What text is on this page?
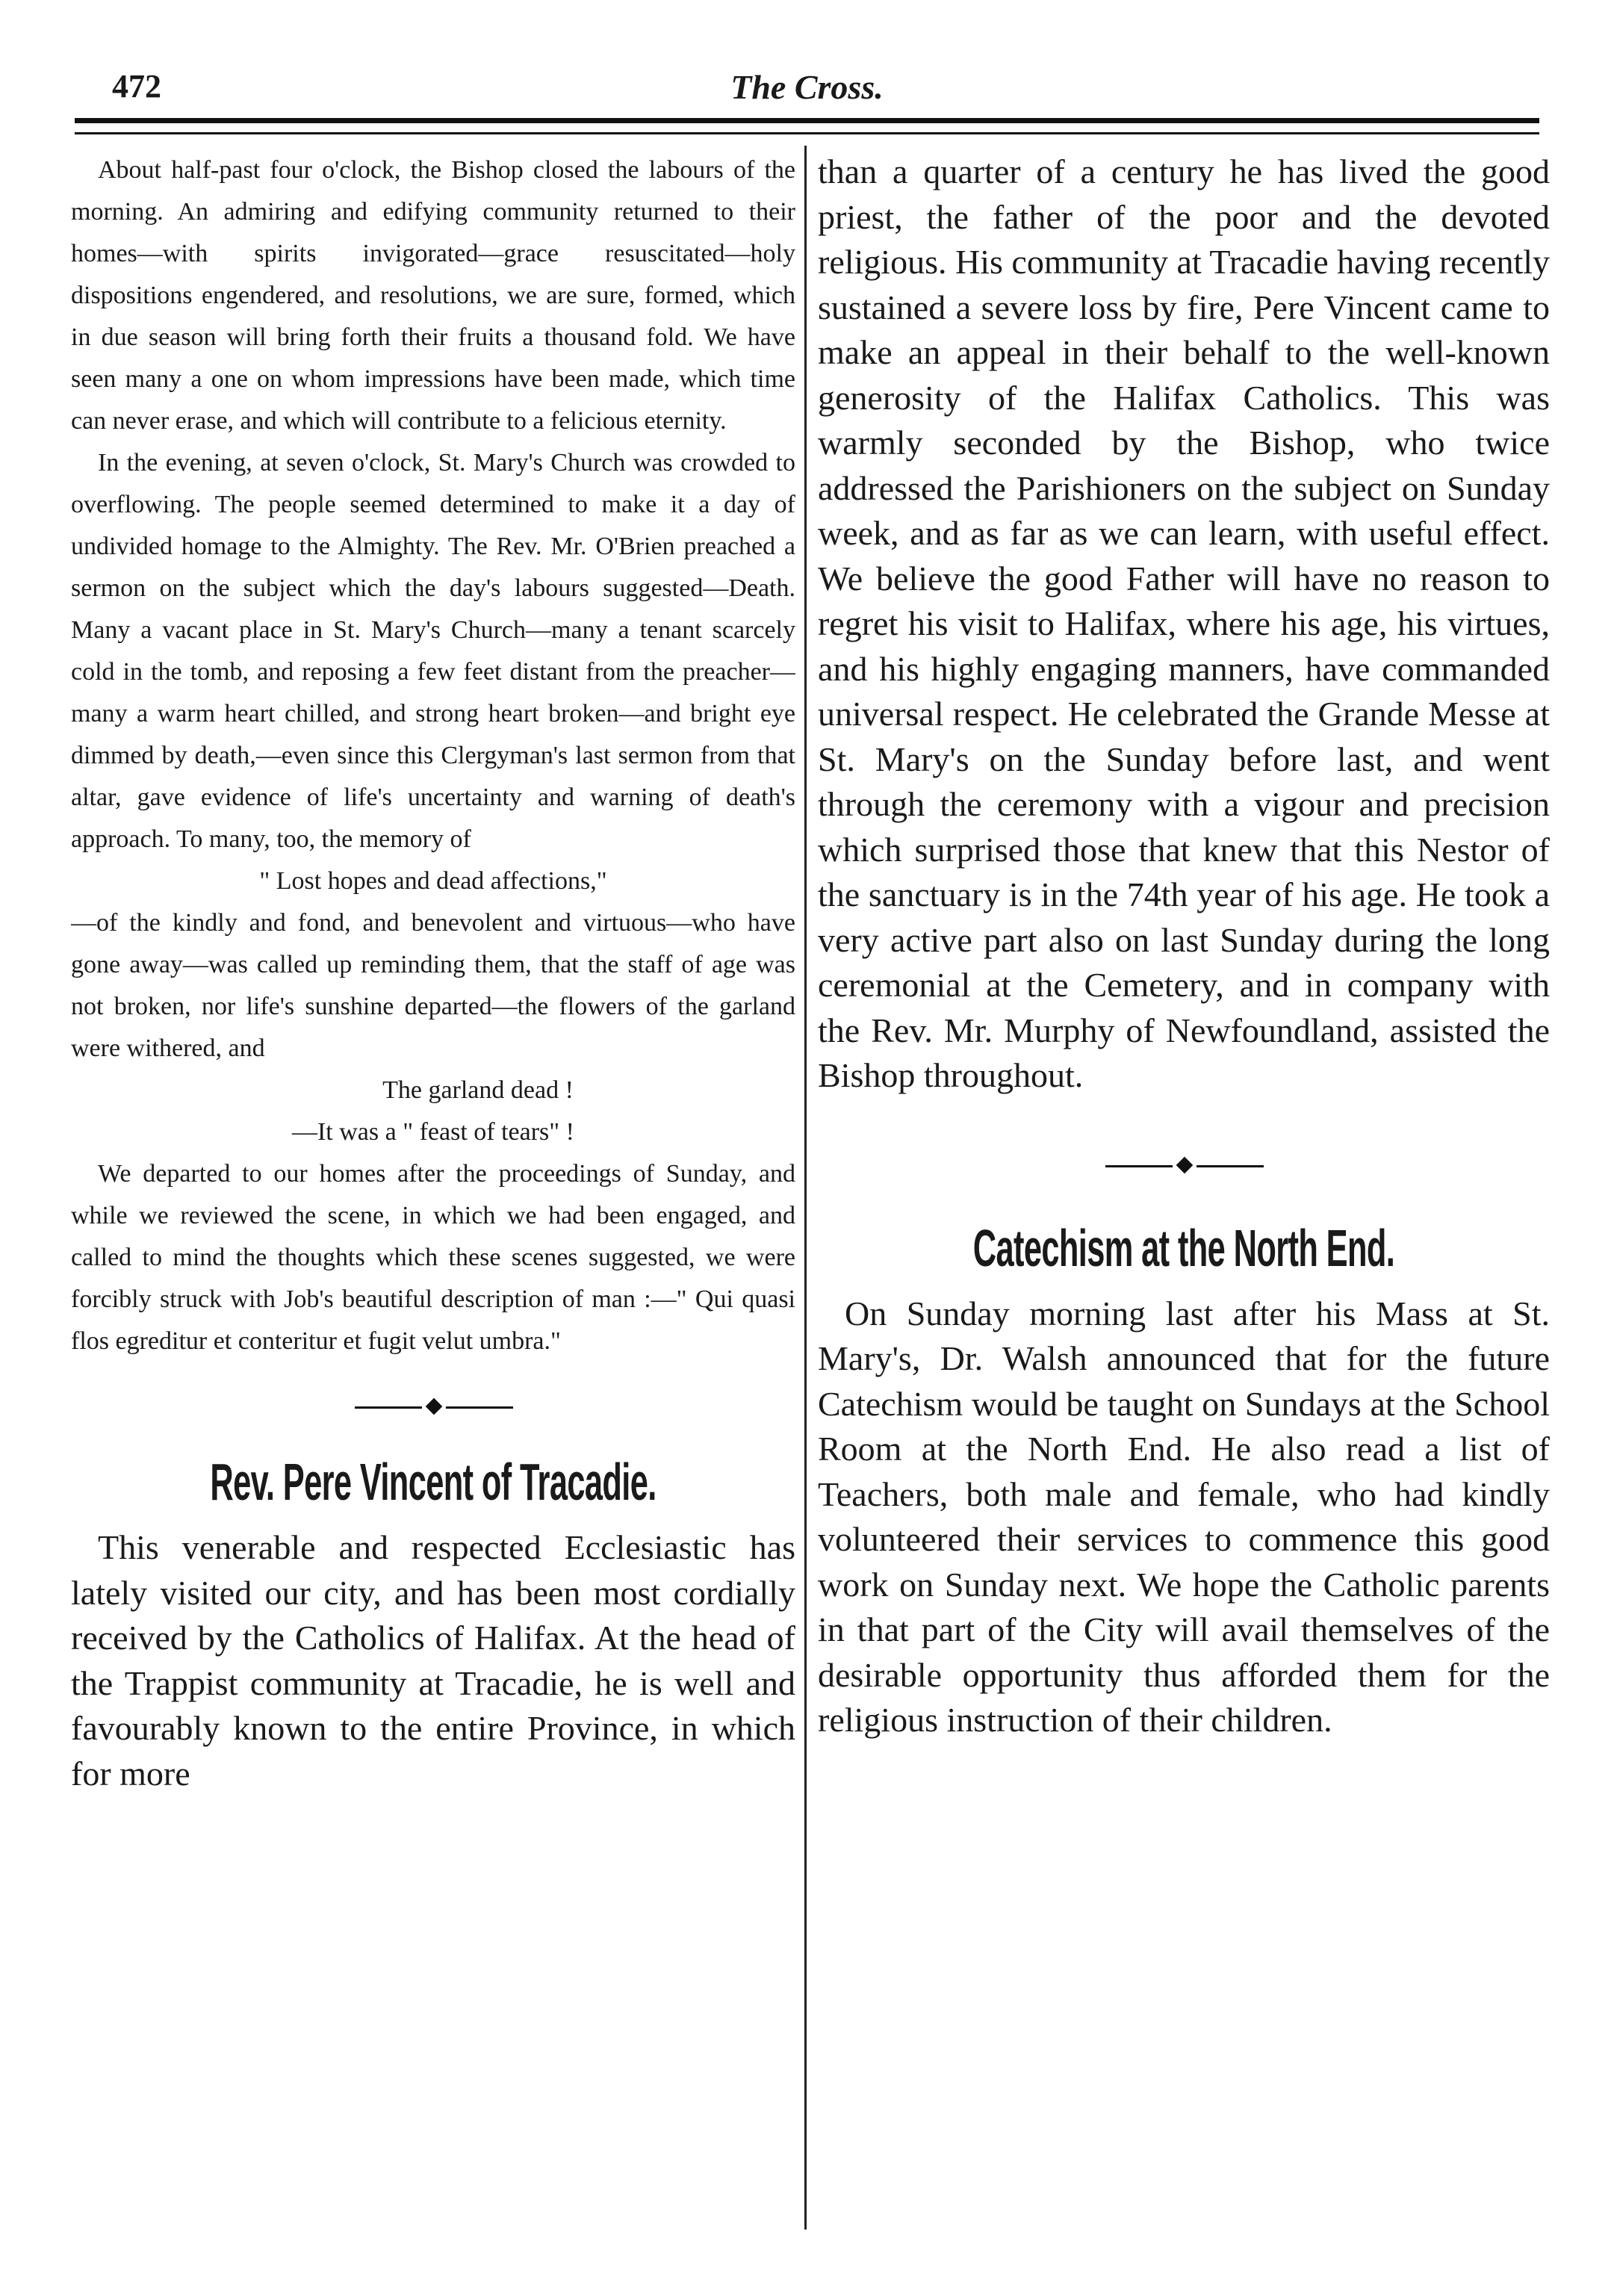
472	The Cross.

About half-past four o'clock, the Bishop closed the labours of the morning. An admiring and edifying community returned to their homes—with spirits invigorated—grace resuscitated—holy dispositions engendered, and resolutions, we are sure, formed, which in due season will bring forth their fruits a thousand fold. We have seen many a one on whom impressions have been made, which time can never erase, and which will contribute to a felicious eternity.

In the evening, at seven o'clock, St. Mary's Church was crowded to overflowing. The people seemed determined to make it a day of undivided homage to the Almighty. The Rev. Mr. O'Brien preached a sermon on the subject which the day's labours suggested—Death. Many a vacant place in St. Mary's Church—many a tenant scarcely cold in the tomb, and reposing a few feet distant from the preacher—many a warm heart chilled, and strong heart broken—and bright eye dimmed by death,—even since this Clergyman's last sermon from that altar, gave evidence of life's uncertainty and warning of death's approach. To many, too, the memory of

" Lost hopes and dead affections,"

—of the kindly and fond, and benevolent and virtuous—who have gone away—was called up reminding them, that the staff of age was not broken, nor life's sunshine departed—the flowers of the garland were withered, and

The garland dead !

—It was a " feast of tears" !

We departed to our homes after the proceedings of Sunday, and while we reviewed the scene, in which we had been engaged, and called to mind the thoughts which these scenes suggested, we were forcibly struck with Job's beautiful description of man :—" Qui quasi flos egreditur et conteritur et fugit velut umbra."

Rev. Pere Vincent of Tracadie.

This venerable and respected Ecclesiastic has lately visited our city, and has been most cordially received by the Catholics of Halifax. At the head of the Trappist community at Tracadie, he is well and favourably known to the entire Province, in which for more

than a quarter of a century he has lived the good priest, the father of the poor and the devoted religious. His community at Tracadie having recently sustained a severe loss by fire, Pere Vincent came to make an appeal in their behalf to the well-known generosity of the Halifax Catholics. This was warmly seconded by the Bishop, who twice addressed the Parishioners on the subject on Sunday week, and as far as we can learn, with useful effect. We believe the good Father will have no reason to regret his visit to Halifax, where his age, his virtues, and his highly engaging manners, have commanded universal respect. He celebrated the Grande Messe at St. Mary's on the Sunday before last, and went through the ceremony with a vigour and precision which surprised those that knew that this Nestor of the sanctuary is in the 74th year of his age. He took a very active part also on last Sunday during the long ceremonial at the Cemetery, and in company with the Rev. Mr. Murphy of Newfoundland, assisted the Bishop throughout.

Catechism at the North End.

On Sunday morning last after his Mass at St. Mary's, Dr. Walsh announced that for the future Catechism would be taught on Sundays at the School Room at the North End. He also read a list of Teachers, both male and female, who had kindly volunteered their services to commence this good work on Sunday next. We hope the Catholic parents in that part of the City will avail themselves of the desirable opportunity thus afforded them for the religious instruction of their children.
